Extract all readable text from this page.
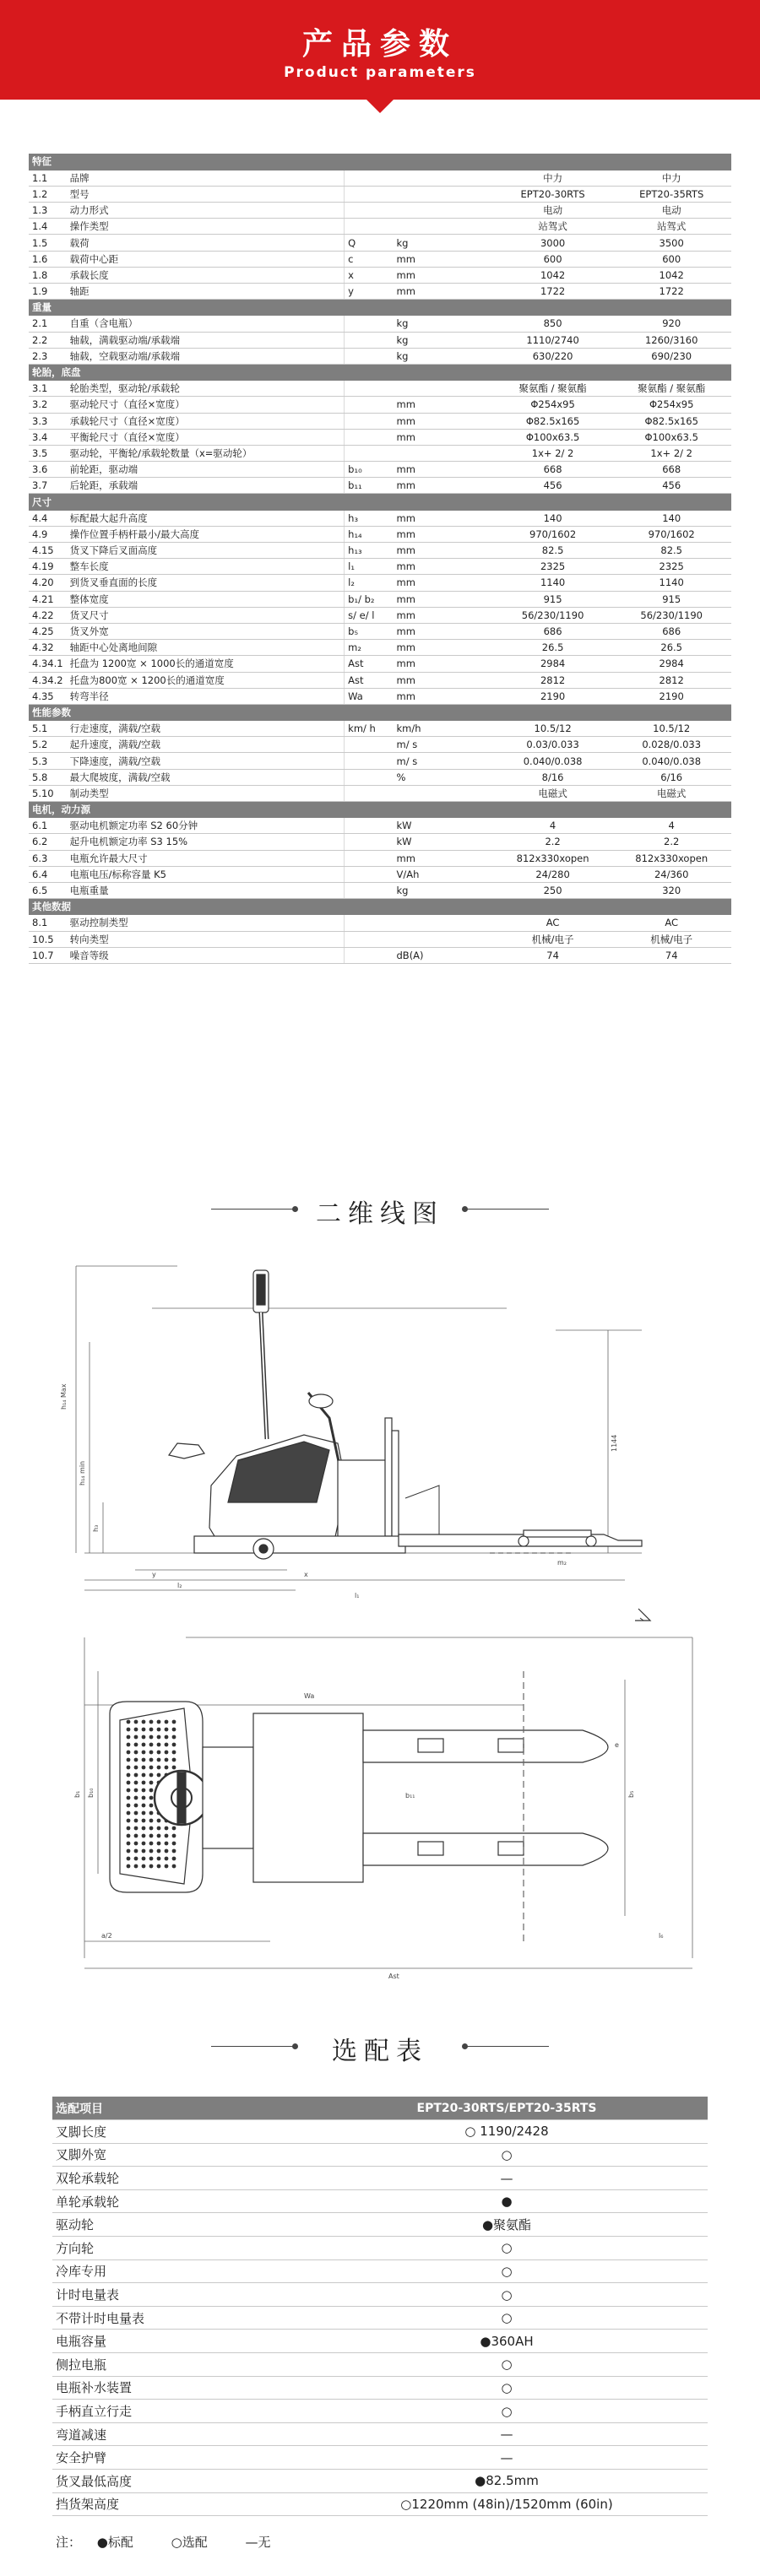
产品参数
Product parameters
特征					
1.1	品牌			中力	中力
1.2	型号			EPT20-30RTS	EPT20-35RTS
1.3	动力形式			电动	电动
1.4	操作类型			站驾式	站驾式
1.5	载荷	Q	kg	3000	3500
1.6	载荷中心距	c	mm	600	600
1.8	承载长度	x	mm	1042	1042
1.9	轴距	y	mm	1722	1722
重量					
2.1	自重（含电瓶）		kg	850	920
2.2	轴载，满载驱动端/承载端		kg	1110/2740	1260/3160
2.3	轴载，空载驱动端/承载端		kg	630/220	690/230
轮胎，底盘					
3.1	轮胎类型，驱动轮/承载轮			聚氨酯 / 聚氨酯	聚氨酯 / 聚氨酯
3.2	驱动轮尺寸（直径×宽度）		mm	Φ254x95	Φ254x95
3.3	承载轮尺寸（直径×宽度）		mm	Φ82.5x165	Φ82.5x165
3.4	平衡轮尺寸（直径×宽度）		mm	Φ100x63.5	Φ100x63.5
3.5	驱动轮，平衡轮/承载轮数量（x=驱动轮）			1x+ 2/ 2	1x+ 2/ 2
3.6	前轮距，驱动端	b₁₀	mm	668	668
3.7	后轮距，承载端	b₁₁	mm	456	456
尺寸					
4.4	标配最大起升高度	h₃	mm	140	140
4.9	操作位置手柄杆最小/最大高度	h₁₄	mm	970/1602	970/1602
4.15	货叉下降后叉面高度	h₁₃	mm	82.5	82.5
4.19	整车长度	l₁	mm	2325	2325
4.20	到货叉垂直面的长度	l₂	mm	1140	1140
4.21	整体宽度	b₁/ b₂	mm	915	915
4.22	货叉尺寸	s/ e/ l	mm	56/230/1190	56/230/1190
4.25	货叉外宽	b₅	mm	686	686
4.32	轴距中心处离地间隙	m₂	mm	26.5	26.5
4.34.1	托盘为 1200宽 × 1000长的通道宽度	Ast	mm	2984	2984
4.34.2	托盘为800宽 × 1200长的通道宽度	Ast	mm	2812	2812
4.35	转弯半径	Wa	mm	2190	2190
性能参数					
5.1	行走速度，满载/空载	km/ h	km/h	10.5/12	10.5/12
5.2	起升速度，满载/空载		m/ s	0.03/0.033	0.028/0.033
5.3	下降速度，满载/空载		m/ s	0.040/0.038	0.040/0.038
5.8	最大爬坡度，满载/空载		%	8/16	6/16
5.10	制动类型			电磁式	电磁式
电机，动力源					
6.1	驱动电机额定功率 S2 60分钟		kW	4	4
6.2	起升电机额定功率 S3 15%		kW	2.2	2.2
6.3	电瓶允许最大尺寸		mm	812x330xopen	812x330xopen
6.4	电瓶电压/标称容量 K5		V/Ah	24/280	24/360
6.5	电瓶重量		kg	250	320
其他数据					
8.1	驱动控制类型			AC	AC
10.5	转向类型			机械/电子	机械/电子
10.7	噪音等级		dB(A)	74	74
二维线图
h₁₄ Max
h₁₄ min
h₃
1144
y	x
l₂
l₁
m₂
Wa
b₁₀
b₁	b₅
e
Ast
a/2	l₆
b₁₁
选配表
选配项目	EPT20-30RTS/EPT20-35RTS
叉脚长度	○ 1190/2428
叉脚外宽	○
双轮承载轮	—
单轮承载轮	●
驱动轮	●聚氨酯
方向轮	○
冷库专用	○
计时电量表	○
不带计时电量表	○
电瓶容量	●360AH
侧拉电瓶	○
电瓶补水装置	○
手柄直立行走	○
弯道减速	—
安全护臂	—
货叉最低高度	●82.5mm
挡货架高度	○1220mm (48in)/1520mm (60in)
注： ●标配	○选配	—无
